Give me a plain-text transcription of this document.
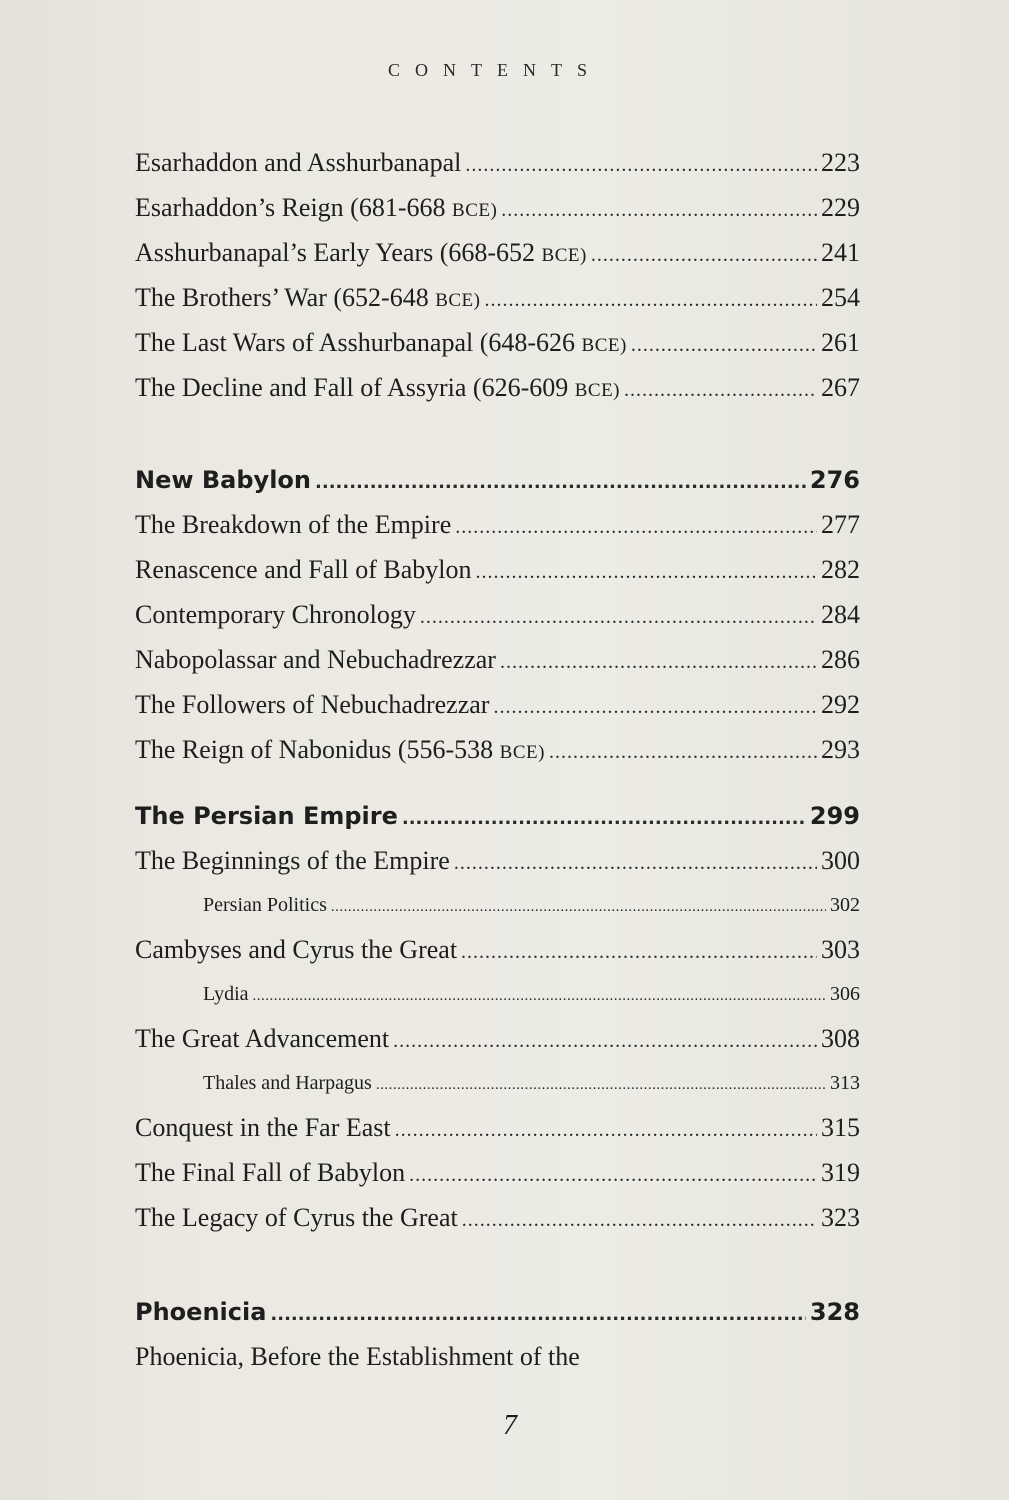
CONTENTS
Esarhaddon and Asshurbanapal .....	223
Esarhaddon’s Reign (681-668 BCE) .....	229
Asshurbanapal’s Early Years (668-652 BCE) .....	241
The Brothers’ War (652-648 BCE) .....	254
The Last Wars of Asshurbanapal (648-626 BCE) .....	261
The Decline and Fall of Assyria (626-609 BCE) .....	267
New Babylon .....	276
The Breakdown of the Empire .....	277
Renascence and Fall of Babylon .....	282
Contemporary Chronology .....	284
Nabopolassar and Nebuchadrezzar .....	286
The Followers of Nebuchadrezzar .....	292
The Reign of Nabonidus (556-538 BCE) .....	293
The Persian Empire .....	299
The Beginnings of the Empire .....	300
Persian Politics .....	302
Cambyses and Cyrus the Great .....	303
Lydia .....	306
The Great Advancement .....	308
Thales and Harpagus .....	313
Conquest in the Far East .....	315
The Final Fall of Babylon .....	319
The Legacy of Cyrus the Great .....	323
Phoenicia .....	328
Phoenicia, Before the Establishment of the
7
